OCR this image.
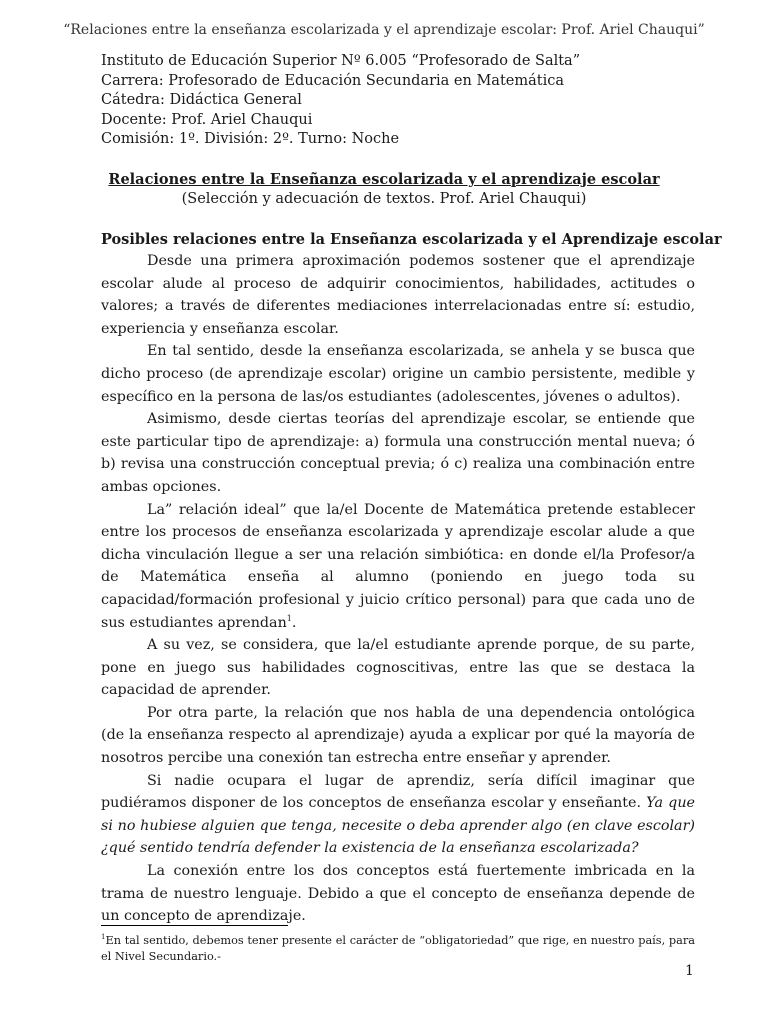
“Relaciones entre la enseñanza escolarizada y el aprendizaje escolar: Prof. Ariel Chauqui”
Instituto de Educación Superior Nº 6.005 “Profesorado de Salta”
Carrera: Profesorado de Educación Secundaria en Matemática
Cátedra: Didáctica General
Docente: Prof. Ariel Chauqui
Comisión: 1º. División: 2º. Turno: Noche
Relaciones entre la Enseñanza escolarizada y el aprendizaje escolar
(Selección y adecuación de textos. Prof. Ariel Chauqui)
Posibles relaciones entre la Enseñanza escolarizada y el Aprendizaje escolar

Desde una primera aproximación podemos sostener que el aprendizaje escolar alude al proceso de adquirir conocimientos, habilidades, actitudes o valores; a través de diferentes mediaciones interrelacionadas entre sí: estudio, experiencia y enseñanza escolar.

En tal sentido, desde la enseñanza escolarizada, se anhela y se busca que dicho proceso (de aprendizaje escolar) origine un cambio persistente, medible y específico en la persona de las/os estudiantes (adolescentes, jóvenes o adultos).

Asimismo, desde ciertas teorías del aprendizaje escolar, se entiende que este particular tipo de aprendizaje: a) formula una construcción mental nueva; ó b) revisa una construcción conceptual previa; ó c) realiza una combinación entre ambas opciones.

La” relación ideal” que la/el Docente de Matemática pretende establecer entre los procesos de enseñanza escolarizada y aprendizaje escolar alude a que dicha vinculación llegue a ser una relación simbiótica: en donde el/la Profesor/a de Matemática enseña al alumno (poniendo en juego toda su capacidad/formación profesional y juicio crítico personal) para que cada uno de sus estudiantes aprendan$^1$.

A su vez, se considera, que la/el estudiante aprende porque, de su parte, pone en juego sus habilidades cognoscitivas, entre las que se destaca la capacidad de aprender.

Por otra parte, la relación que nos habla de una dependencia ontológica (de la enseñanza respecto al aprendizaje) ayuda a explicar por qué la mayoría de nosotros percibe una conexión tan estrecha entre enseñar y aprender.

Si nadie ocupara el lugar de aprendiz, sería difícil imaginar que pudiéramos disponer de los conceptos de enseñanza escolar y enseñante. Ya que si no hubiese alguien que tenga, necesite o deba aprender algo (en clave escolar) ¿qué sentido tendría defender la existencia de la enseñanza escolarizada?

La conexión entre los dos conceptos está fuertemente imbricada en la trama de nuestro lenguaje. Debido a que el concepto de enseñanza depende de un concepto de aprendizaje.

$^1$En tal sentido, debemos tener presente el carácter de “obligatoriedad” que rige, en nuestro país, para el Nivel Secundario.-
1
